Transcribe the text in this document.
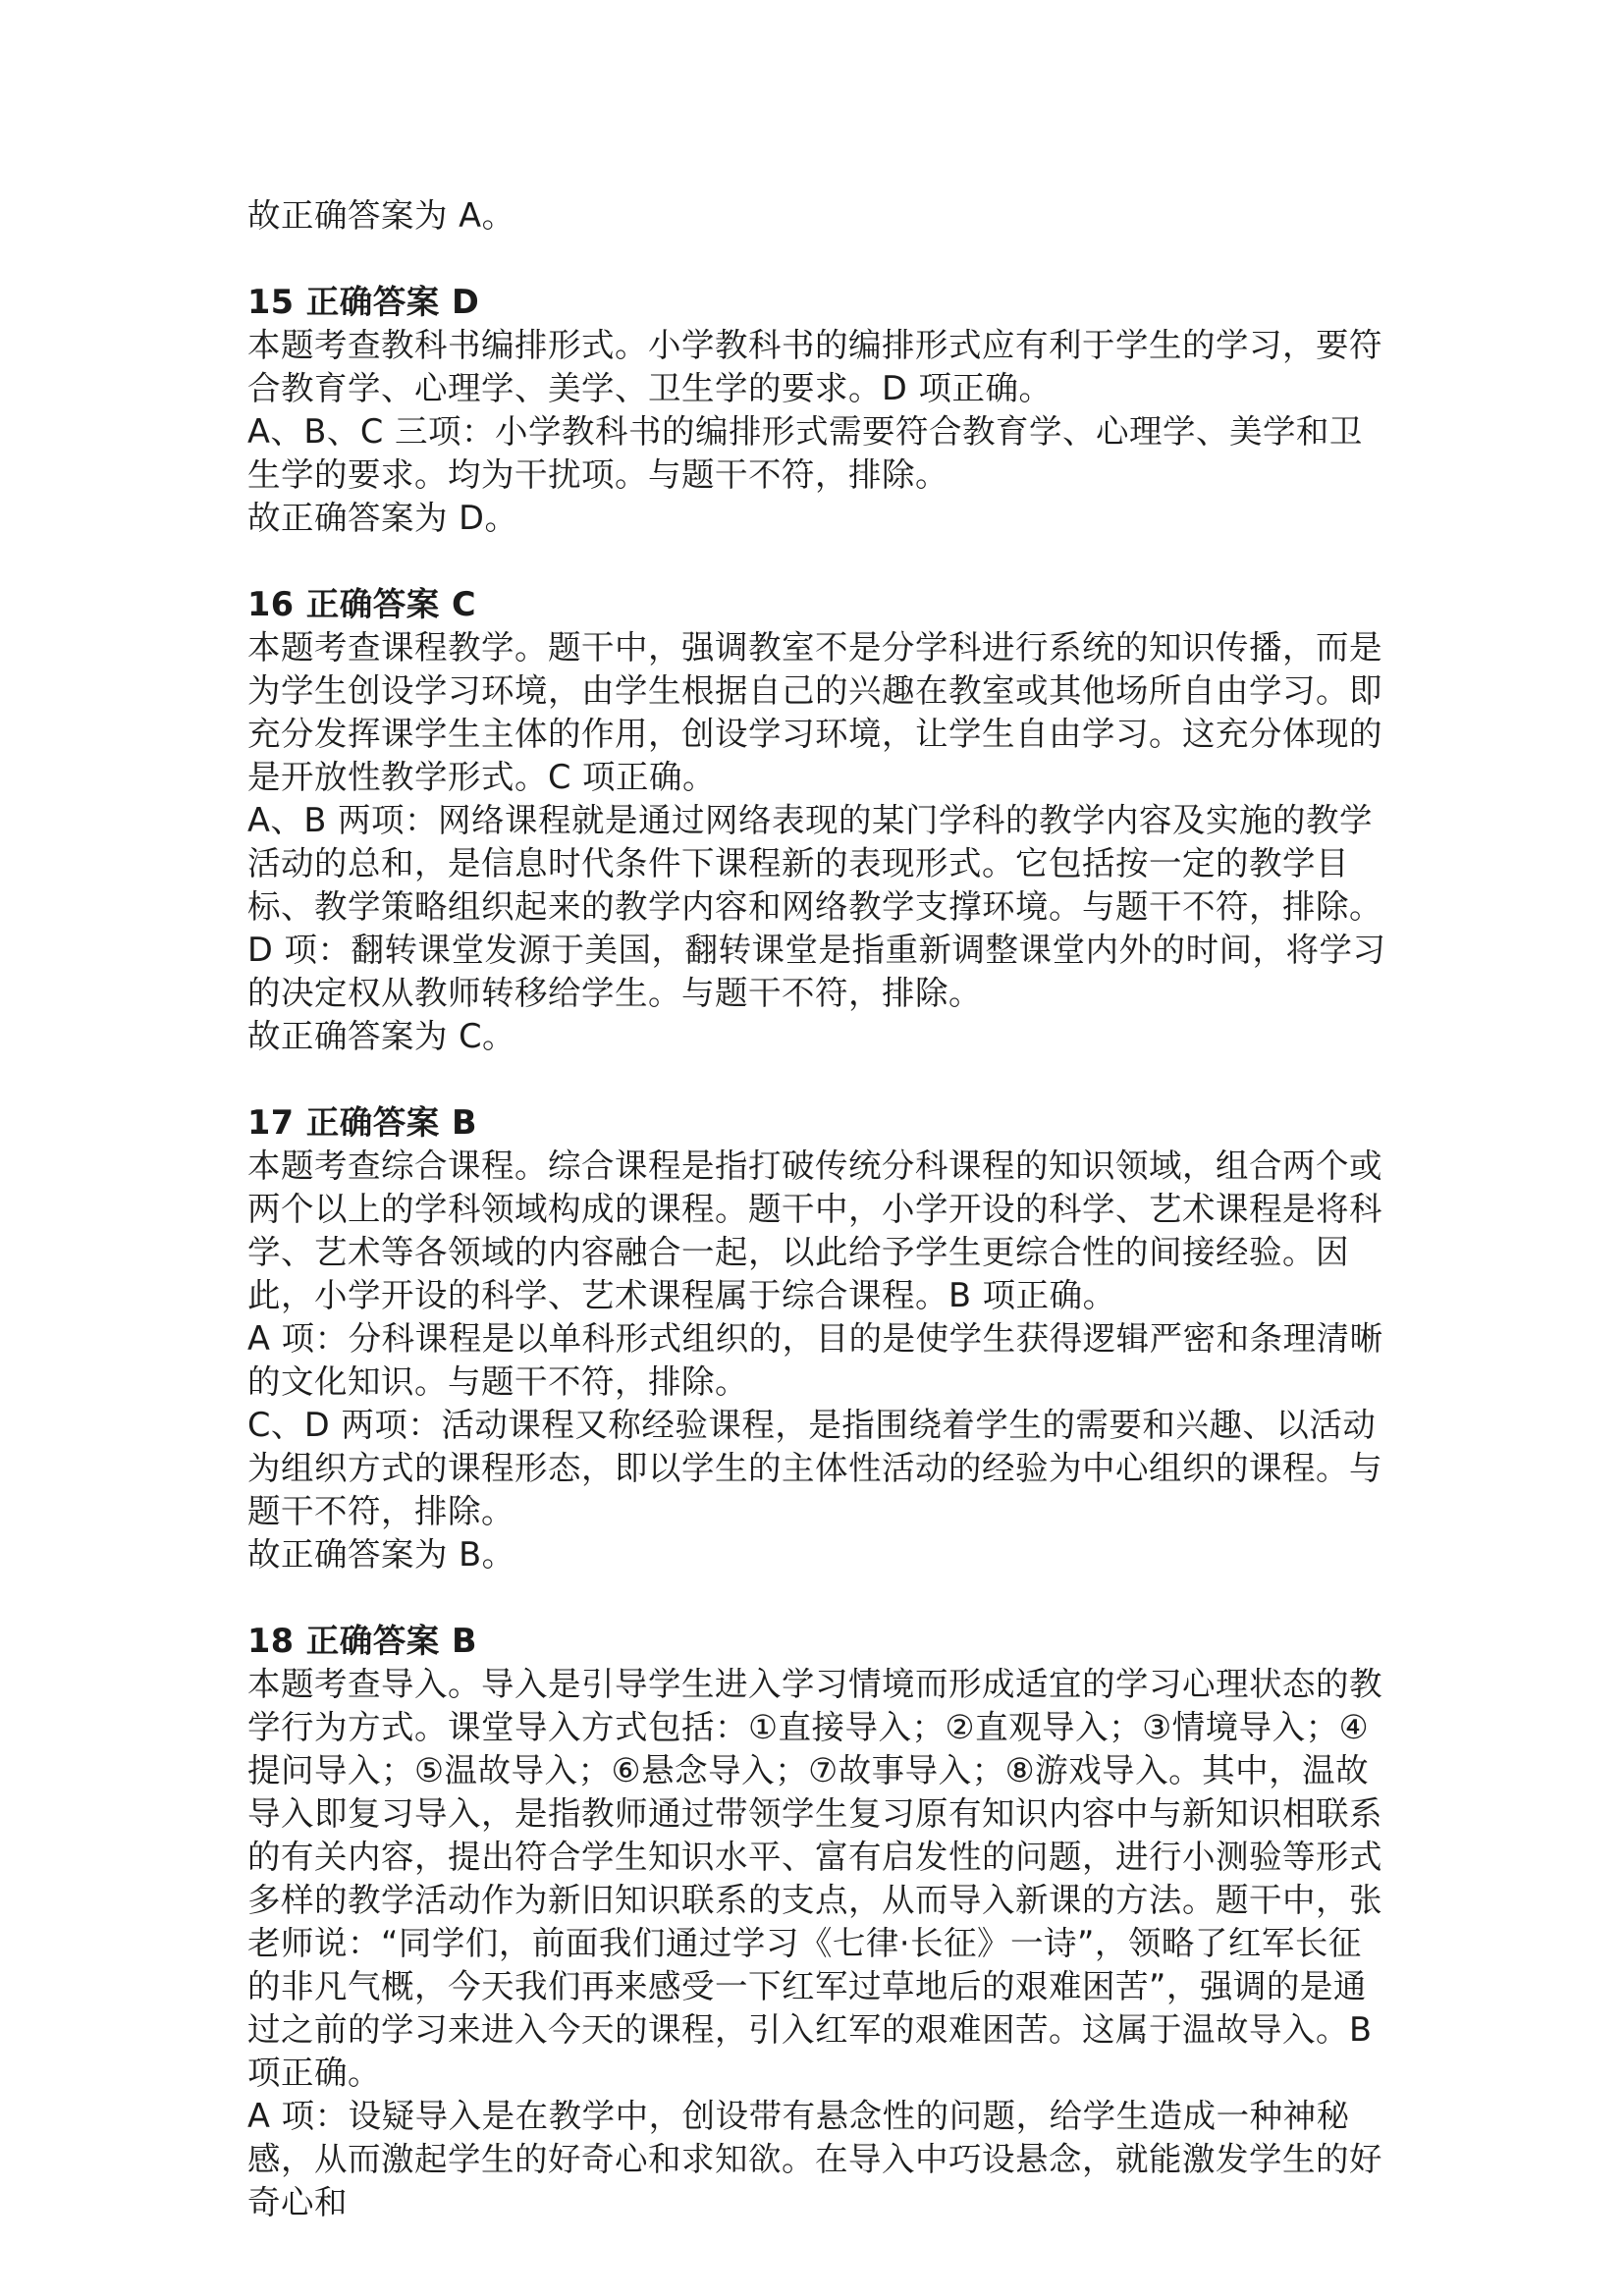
故正确答案为 A。

15 正确答案 D

本题考查教科书编排形式。小学教科书的编排形式应有利于学生的学习，要符合教育学、心理学、美学、卫生学的要求。D 项正确。

A、B、C 三项：小学教科书的编排形式需要符合教育学、心理学、美学和卫生学的要求。均为干扰项。与题干不符，排除。

故正确答案为 D。

16 正确答案 C

本题考查课程教学。题干中，强调教室不是分学科进行系统的知识传播，而是为学生创设学习环境，由学生根据自己的兴趣在教室或其他场所自由学习。即充分发挥课学生主体的作用，创设学习环境，让学生自由学习。这充分体现的是开放性教学形式。C 项正确。

A、B 两项：网络课程就是通过网络表现的某门学科的教学内容及实施的教学活动的总和，是信息时代条件下课程新的表现形式。它包括按一定的教学目标、教学策略组织起来的教学内容和网络教学支撑环境。与题干不符，排除。

D 项：翻转课堂发源于美国，翻转课堂是指重新调整课堂内外的时间，将学习的决定权从教师转移给学生。与题干不符，排除。

故正确答案为 C。

17 正确答案 B

本题考查综合课程。综合课程是指打破传统分科课程的知识领域，组合两个或两个以上的学科领域构成的课程。题干中，小学开设的科学、艺术课程是将科学、艺术等各领域的内容融合一起，以此给予学生更综合性的间接经验。因此，小学开设的科学、艺术课程属于综合课程。B 项正确。

A 项：分科课程是以单科形式组织的，目的是使学生获得逻辑严密和条理清晰的文化知识。与题干不符，排除。

C、D 两项：活动课程又称经验课程，是指围绕着学生的需要和兴趣、以活动为组织方式的课程形态，即以学生的主体性活动的经验为中心组织的课程。与题干不符，排除。

故正确答案为 B。

18 正确答案 B

本题考查导入。导入是引导学生进入学习情境而形成适宜的学习心理状态的教学行为方式。课堂导入方式包括：①直接导入；②直观导入；③情境导入；④提问导入；⑤温故导入；⑥悬念导入；⑦故事导入；⑧游戏导入。其中，温故导入即复习导入，是指教师通过带领学生复习原有知识内容中与新知识相联系的有关内容，提出符合学生知识水平、富有启发性的问题，进行小测验等形式多样的教学活动作为新旧知识联系的支点，从而导入新课的方法。题干中，张老师说：“同学们，前面我们通过学习《七律·长征》一诗”，领略了红军长征的非凡气概，今天我们再来感受一下红军过草地后的艰难困苦”，强调的是通过之前的学习来进入今天的课程，引入红军的艰难困苦。这属于温故导入。B 项正确。

A 项：设疑导入是在教学中，创设带有悬念性的问题，给学生造成一种神秘感，从而激起学生的好奇心和求知欲。在导入中巧设悬念，就能激发学生的好奇心和
